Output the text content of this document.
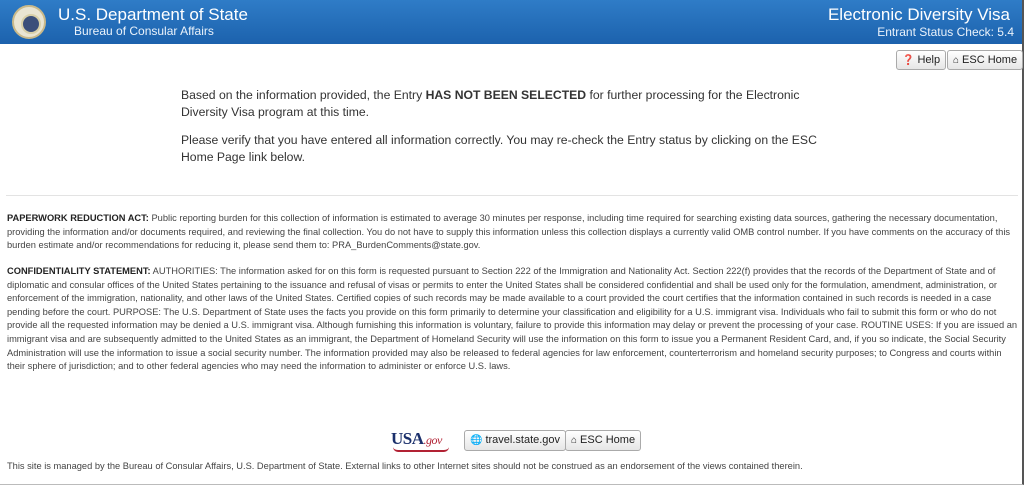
U.S. Department of State
Bureau of Consular Affairs
Electronic Diversity Visa
Entrant Status Check: 5.4
❓ Help	⌂ ESC Home
Based on the information provided, the Entry HAS NOT BEEN SELECTED for further processing for the Electronic Diversity Visa program at this time.
Please verify that you have entered all information correctly. You may re-check the Entry status by clicking on the ESC Home Page link below.
PAPERWORK REDUCTION ACT: Public reporting burden for this collection of information is estimated to average 30 minutes per response, including time required for searching existing data sources, gathering the necessary documentation, providing the information and/or documents required, and reviewing the final collection. You do not have to supply this information unless this collection displays a currently valid OMB control number. If you have comments on the accuracy of this burden estimate and/or recommendations for reducing it, please send them to: PRA_BurdenComments@state.gov.
CONFIDENTIALITY STATEMENT: AUTHORITIES: The information asked for on this form is requested pursuant to Section 222 of the Immigration and Nationality Act. Section 222(f) provides that the records of the Department of State and of diplomatic and consular offices of the United States pertaining to the issuance and refusal of visas or permits to enter the United States shall be considered confidential and shall be used only for the formulation, amendment, administration, or enforcement of the immigration, nationality, and other laws of the United States. Certified copies of such records may be made available to a court provided the court certifies that the information contained in such records is needed in a case pending before the court. PURPOSE: The U.S. Department of State uses the facts you provide on this form primarily to determine your classification and eligibility for a U.S. immigrant visa. Individuals who fail to submit this form or who do not provide all the requested information may be denied a U.S. immigrant visa. Although furnishing this information is voluntary, failure to provide this information may delay or prevent the processing of your case. ROUTINE USES: If you are issued an immigrant visa and are subsequently admitted to the United States as an immigrant, the Department of Homeland Security will use the information on this form to issue you a Permanent Resident Card, and, if you so indicate, the Social Security Administration will use the information to issue a social security number. The information provided may also be released to federal agencies for law enforcement, counterterrorism and homeland security purposes; to Congress and courts within their sphere of jurisdiction; and to other federal agencies who may need the information to administer or enforce U.S. laws.
USA.gov	🌐 travel.state.gov	⌂ ESC Home
This site is managed by the Bureau of Consular Affairs, U.S. Department of State. External links to other Internet sites should not be construed as an endorsement of the views contained therein.
